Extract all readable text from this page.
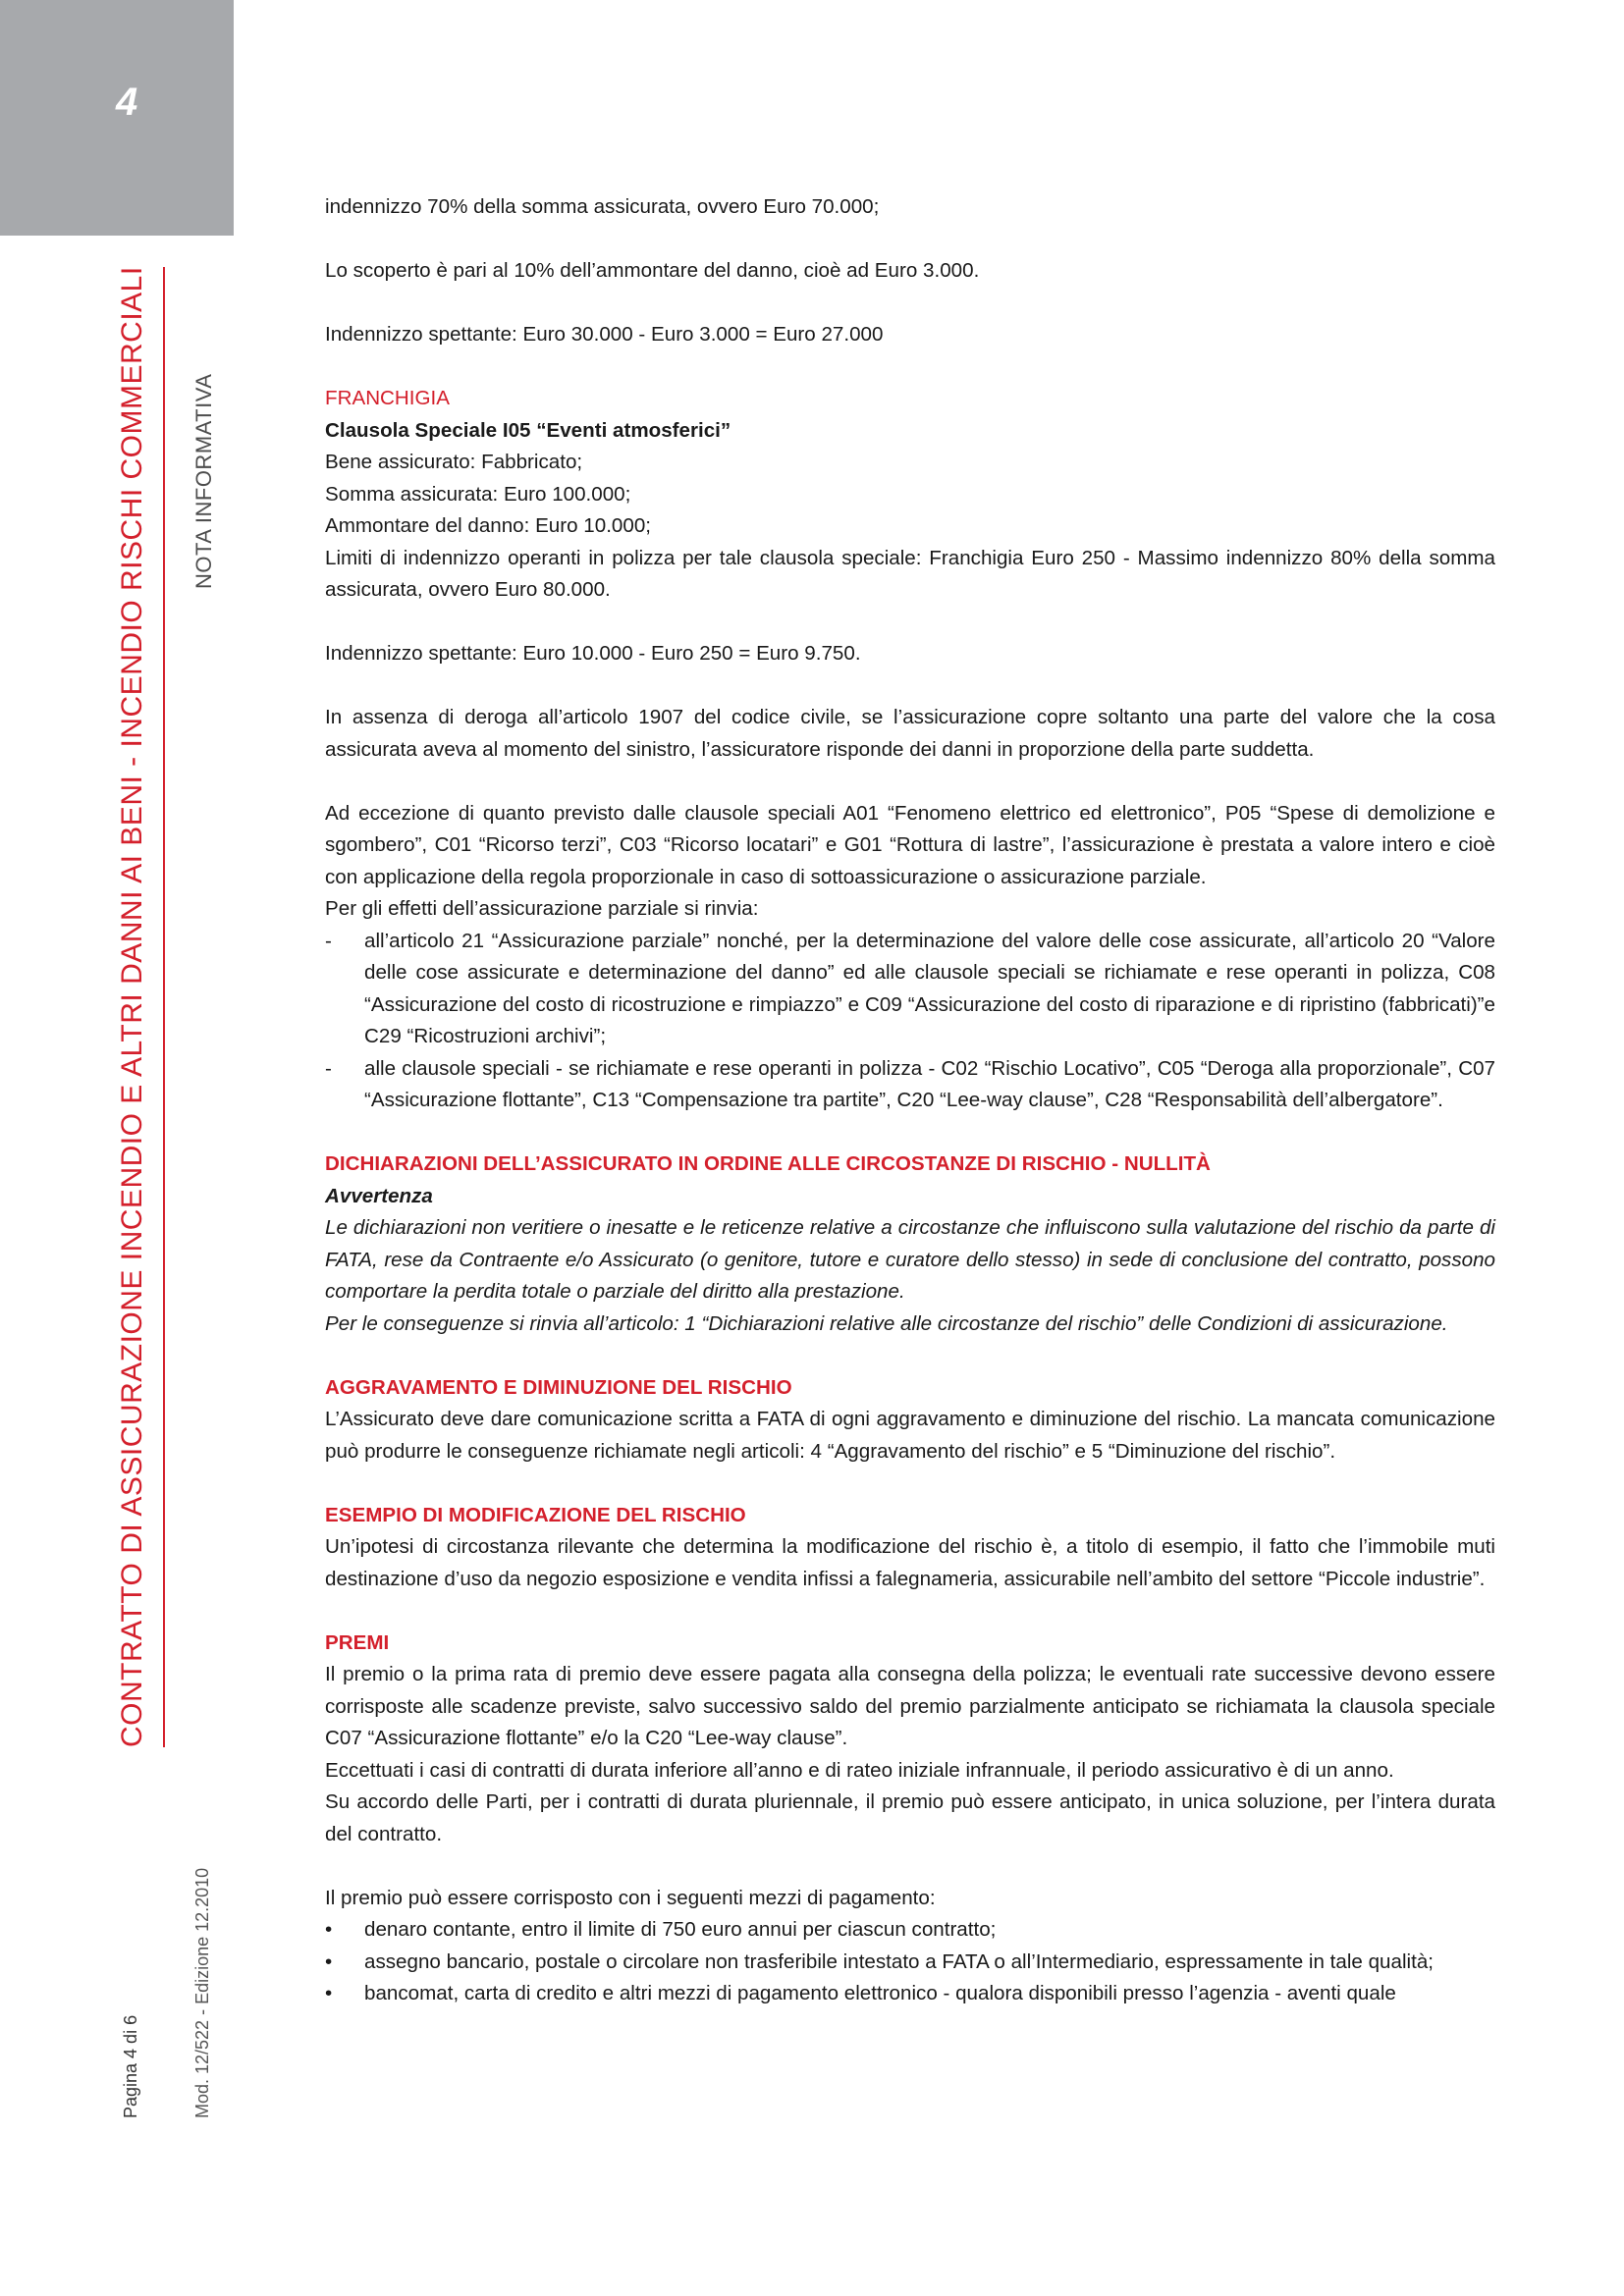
4
CONTRATTO DI ASSICURAZIONE INCENDIO E ALTRI DANNI AI BENI - INCENDIO RISCHI COMMERCIALI NOTA INFORMATIVA
Mod. 12/522 - Edizione 12.2010
Pagina 4 di 6

indennizzo 70% della somma assicurata, ovvero Euro 70.000;

Lo scoperto è pari al 10% dell’ammontare del danno, cioè ad Euro 3.000.

Indennizzo spettante: Euro 30.000 - Euro 3.000 = Euro 27.000

FRANCHIGIA

Clausola Speciale I05 “Eventi atmosferici”

Bene assicurato: Fabbricato;

Somma assicurata: Euro 100.000;

Ammontare del danno: Euro 10.000;

Limiti di indennizzo operanti in polizza per tale clausola speciale: Franchigia Euro 250 - Massimo indennizzo 80% della somma assicurata, ovvero Euro 80.000.

Indennizzo spettante: Euro 10.000 - Euro 250 = Euro 9.750.

In assenza di deroga all’articolo 1907 del codice civile, se l’assicurazione copre soltanto una parte del valore che la cosa assicurata aveva al momento del sinistro, l’assicuratore risponde dei danni in proporzione della parte suddetta.

Ad eccezione di quanto previsto dalle clausole speciali A01 “Fenomeno elettrico ed elettronico”, P05 “Spese di demolizione e sgombero”, C01 “Ricorso terzi”, C03 “Ricorso locatari” e G01 “Rottura di lastre”, l’assicurazione è prestata a valore intero e cioè con applicazione della regola proporzionale in caso di sottoassicurazione o assicurazione parziale.

Per gli effetti dell’assicurazione parziale si rinvia:

- all’articolo 21 “Assicurazione parziale” nonché, per la determinazione del valore delle cose assicurate, all’articolo 20 “Valore delle cose assicurate e determinazione del danno” ed alle clausole speciali se richiamate e rese operanti in polizza, C08 “Assicurazione del costo di ricostruzione e rimpiazzo” e C09 “Assicurazione del costo di riparazione e di ripristino (fabbricati)”e C29 “Ricostruzioni archivi”;
- alle clausole speciali - se richiamate e rese operanti in polizza - C02 “Rischio Locativo”, C05 “Deroga alla proporzionale”, C07 “Assicurazione flottante”, C13 “Compensazione tra partite”, C20 “Lee-way clause”, C28 “Responsabilità dell’albergatore”.

DICHIARAZIONI DELL’ASSICURATO IN ORDINE ALLE CIRCOSTANZE DI RISCHIO - NULLITÀ

Avvertenza

Le dichiarazioni non veritiere o inesatte e le reticenze relative a circostanze che influiscono sulla valutazione del rischio da parte di FATA, rese da Contraente e/o Assicurato (o genitore, tutore e curatore dello stesso) in sede di conclusione del contratto, possono comportare la perdita totale o parziale del diritto alla prestazione.

Per le conseguenze si rinvia all’articolo: 1 “Dichiarazioni relative alle circostanze del rischio” delle Condizioni di assicurazione.

AGGRAVAMENTO E DIMINUZIONE DEL RISCHIO

L’Assicurato deve dare comunicazione scritta a FATA di ogni aggravamento e diminuzione del rischio. La mancata comunicazione può produrre le conseguenze richiamate negli articoli: 4 “Aggravamento del rischio” e 5 “Diminuzione del rischio”.

ESEMPIO DI MODIFICAZIONE DEL RISCHIO

Un’ipotesi di circostanza rilevante che determina la modificazione del rischio è, a titolo di esempio, il fatto che l’immobile muti destinazione d’uso da negozio esposizione e vendita infissi a falegnameria, assicurabile nell’ambito del settore “Piccole industrie”.

PREMI

Il premio o la prima rata di premio deve essere pagata alla consegna della polizza; le eventuali rate successive devono essere corrisposte alle scadenze previste, salvo successivo saldo del premio parzialmente anticipato se richiamata la clausola speciale C07 “Assicurazione flottante” e/o la C20 “Lee-way clause”.

Eccettuati i casi di contratti di durata inferiore all’anno e di rateo iniziale infrannuale, il periodo assicurativo è di un anno.

Su accordo delle Parti, per i contratti di durata pluriennale, il premio può essere anticipato, in unica soluzione, per l’intera durata del contratto.

Il premio può essere corrisposto con i seguenti mezzi di pagamento:

• denaro contante, entro il limite di 750 euro annui per ciascun contratto;
• assegno bancario, postale o circolare non trasferibile intestato a FATA o all’Intermediario, espressamente in tale qualità;
• bancomat, carta di credito e altri mezzi di pagamento elettronico - qualora disponibili presso l’agenzia - aventi quale
